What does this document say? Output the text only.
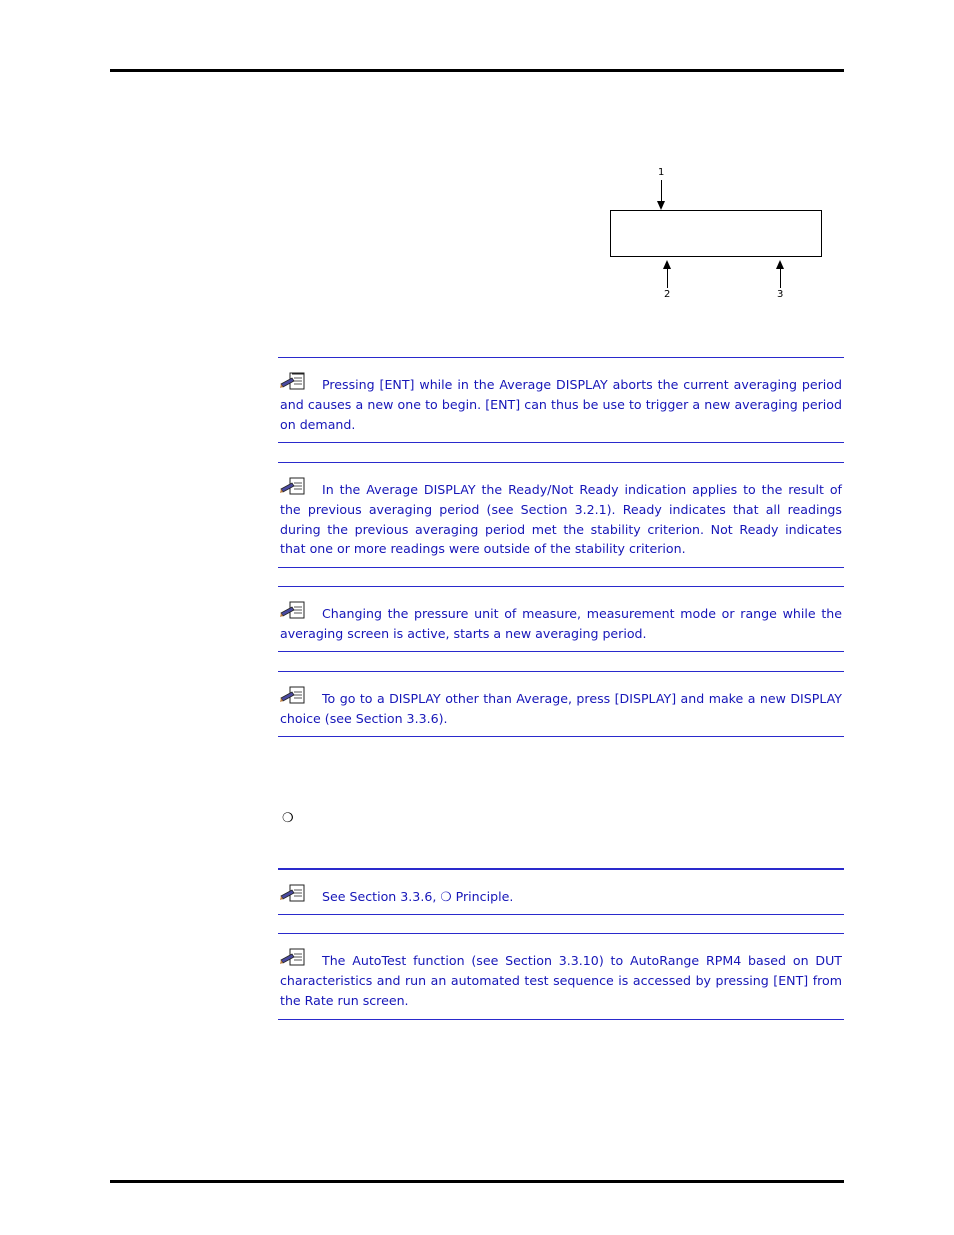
1
2	3

Pressing [ENT] while in the Average DISPLAY aborts the current averaging period and causes a new one to begin. [ENT] can thus be use to trigger a new averaging period on demand.

In the Average DISPLAY the Ready/Not Ready indication applies to the result of the previous averaging period (see Section 3.2.1). Ready indicates that all readings during the previous averaging period met the stability criterion. Not Ready indicates that one or more readings were outside of the stability criterion.

Changing the pressure unit of measure, measurement mode or range while the averaging screen is active, starts a new averaging period.

To go to a DISPLAY other than Average, press [DISPLAY] and make a new DISPLAY choice (see Section 3.3.6).

❍

See Section 3.3.6, ❍ Principle.

The AutoTest function (see Section 3.3.10) to AutoRange RPM4 based on DUT characteristics and run an automated test sequence is accessed by pressing [ENT] from the Rate run screen.
